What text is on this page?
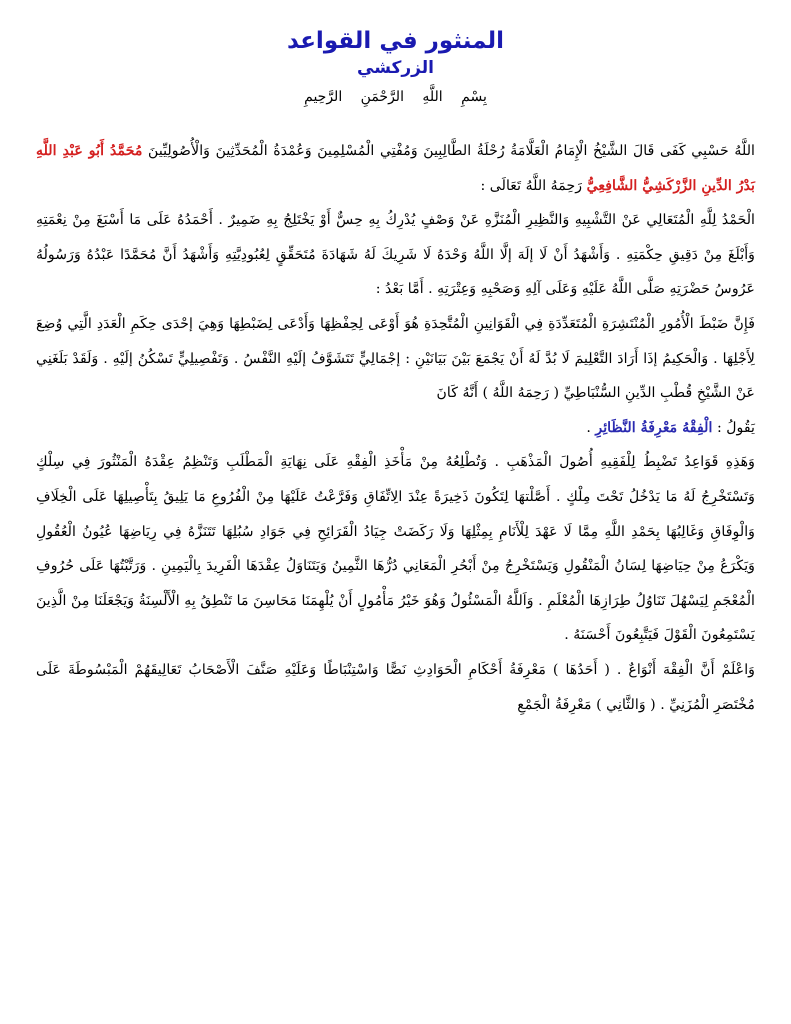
المنثور في القواعد
الزركشي
بِسْمِ اللَّهِ الرَّحْمَنِ الرَّحِيمِ

اللَّهُ حَسْبِي كَفَى قَالَ الشَّيْخُ الْإِمَامُ الْعَلَّامَةُ رُحْلَةُ الطَّالِبِينَ وَمُفْتِي الْمُسْلِمِينَ وَعُمْدَةُ الْمُحَدِّثِينَ وَالْأُصُولِيِّينَ مُحَمَّدُ أَبُو عَبْدِ اللَّهِ بَدْرُ الدِّينِ الزَّرْكَشِيُّ الشَّافِعِيُّ رَحِمَهُ اللَّهُ تَعَالَى :

الْحَمْدُ لِلَّهِ الْمُتَعَالِي عَنْ التَّشْبِيهِ وَالنَّظِيرِ الْمُنَزَّهِ عَنْ وَصْفٍ يُدْرِكُ بِهِ حِسٌّ أَوْ يَخْتَلِجُ بِهِ ضَمِيرٌ . أَحْمَدُهُ عَلَى مَا أَسْبَغَ مِنْ نِعْمَتِهِ وَأَبْلَغَ مِنْ دَقِيقِ حِكْمَتِهِ . وَأَشْهَدُ أَنْ لَا إلَهَ إلَّا اللَّهُ وَحْدَهُ لَا شَرِيكَ لَهُ شَهَادَةَ مُتَحَقِّقٍ لِعُبُودِيَّتِهِ وَأَشْهَدُ أَنَّ مُحَمَّدًا عَبْدُهُ وَرَسُولُهُ عَرُوسُ حَضْرَتِهِ صَلَّى اللَّهُ عَلَيْهِ وَعَلَى آلِهِ وَصَحْبِهِ وَعِتْرَتِهِ . أَمَّا بَعْدُ :

فَإِنَّ ضَبْطَ الْأُمُورِ الْمُنْتَشِرَةِ الْمُتَعَدِّدَةِ فِي الْقَوَانِينِ الْمُتَّحِدَةِ هُوَ أَوْعَى لِحِفْظِهَا وَأَدْعَى لِضَبْطِهَا وَهِيَ إحْدَى حِكَمِ الْعَدَدِ الَّتِي وُضِعَ لِأَجْلِهَا . وَالْحَكِيمُ إذَا أَرَادَ التَّعْلِيمَ لَا بُدَّ لَهُ أَنْ يَجْمَعَ بَيْنَ بَيَانَيْنِ : إجْمَالِيٍّ تَتَشَوَّفُ إلَيْهِ النَّفْسُ . وَتَفْصِيلِيٍّ تَسْكُنُ إلَيْهِ . وَلَقَدْ بَلَغَنِي عَنْ الشَّيْخِ قُطْبِ الدِّينِ السُّنْبَاطِيِّ ( رَحِمَهُ اللَّهُ ) أَنَّهُ كَانَ

يَقُولُ : الْفِقْهُ مَعْرِفَةُ النَّظَائِرِ .

وَهَذِهِ قَوَاعِدُ تَضْبِطُ لِلْفَقِيهِ أُصُولَ الْمَذْهَبِ . وَتُطْلِعُهُ مِنْ مَأْخَذِ الْفِقْهِ عَلَى نِهَايَةِ الْمَطْلَبِ وَتَنْظِمُ عِقْدَهُ الْمَنْثُورَ فِي سِلْكٍ وَتَسْتَخْرِجُ لَهُ مَا يَدْخُلُ تَحْتَ مِلْكٍ . أَصَّلْتهَا لِتَكُونَ ذَخِيرَةً عِنْدَ الِاتِّفَاقِ وَفَرَّعْتُ عَلَيْهَا مِنْ الْفُرُوعِ مَا يَلِيقُ بِتَأْصِيلِهَا عَلَى الْخِلَافِ وَالْوِفَاقِ وَغَالِبُهَا بِحَمْدِ اللَّهِ مِمَّا لَا عَهْدَ لِلْأَنَامِ بِمِثْلِهَا وَلَا رَكَضَتْ جِيَادُ الْقَرَائِحِ فِي جَوَادِ سُبُلِهَا تَتَنَزَّهُ فِي رِيَاضِهَا عُيُونُ الْعُقُولِ وَيَكْرَعُ مِنْ حِيَاضِهَا لِسَانُ الْمَنْقُولِ وَيَسْتَخْرِجُ مِنْ أَبْحُرِ الْمَعَانِي دُرُّهَا الثَّمِينُ وَيَتَنَاوَلُ عِقْدَهَا الْفَرِيدَ بِالْيَمِينِ . وَرَتَّبْتُهَا عَلَى حُرُوفِ الْمُعْجَمِ لِيَسْهُلَ تَنَاوُلُ طِرَازِهَا الْمُعْلَمِ . وَاَللَّهُ الْمَسْئُولُ وَهُوَ خَيْرُ مَأْمُولٍ أَنْ يُلْهِمَنَا مَحَاسِنَ مَا تَنْطِقُ بِهِ الْأَلْسِنَةُ وَيَجْعَلَنَا مِنْ الَّذِينَ يَسْتَمِعُونَ الْقَوْلَ فَيَتَّبِعُونَ أَحْسَنَهُ .

وَاعْلَمْ أَنَّ الْفِقْهَ أَنْوَاعٌ . ( أَحَدُهَا ) مَعْرِفَةُ أَحْكَامِ الْحَوَادِثِ نَصًّا وَاسْتِنْبَاطًا وَعَلَيْهِ صَنَّفَ الْأَصْحَابُ تَعَالِيقَهُمْ الْمَبْسُوطَةَ عَلَى مُخْتَصَرِ الْمُزَنِيِّ . ( وَالثَّانِي ) مَعْرِفَةُ الْجَمْعِ
